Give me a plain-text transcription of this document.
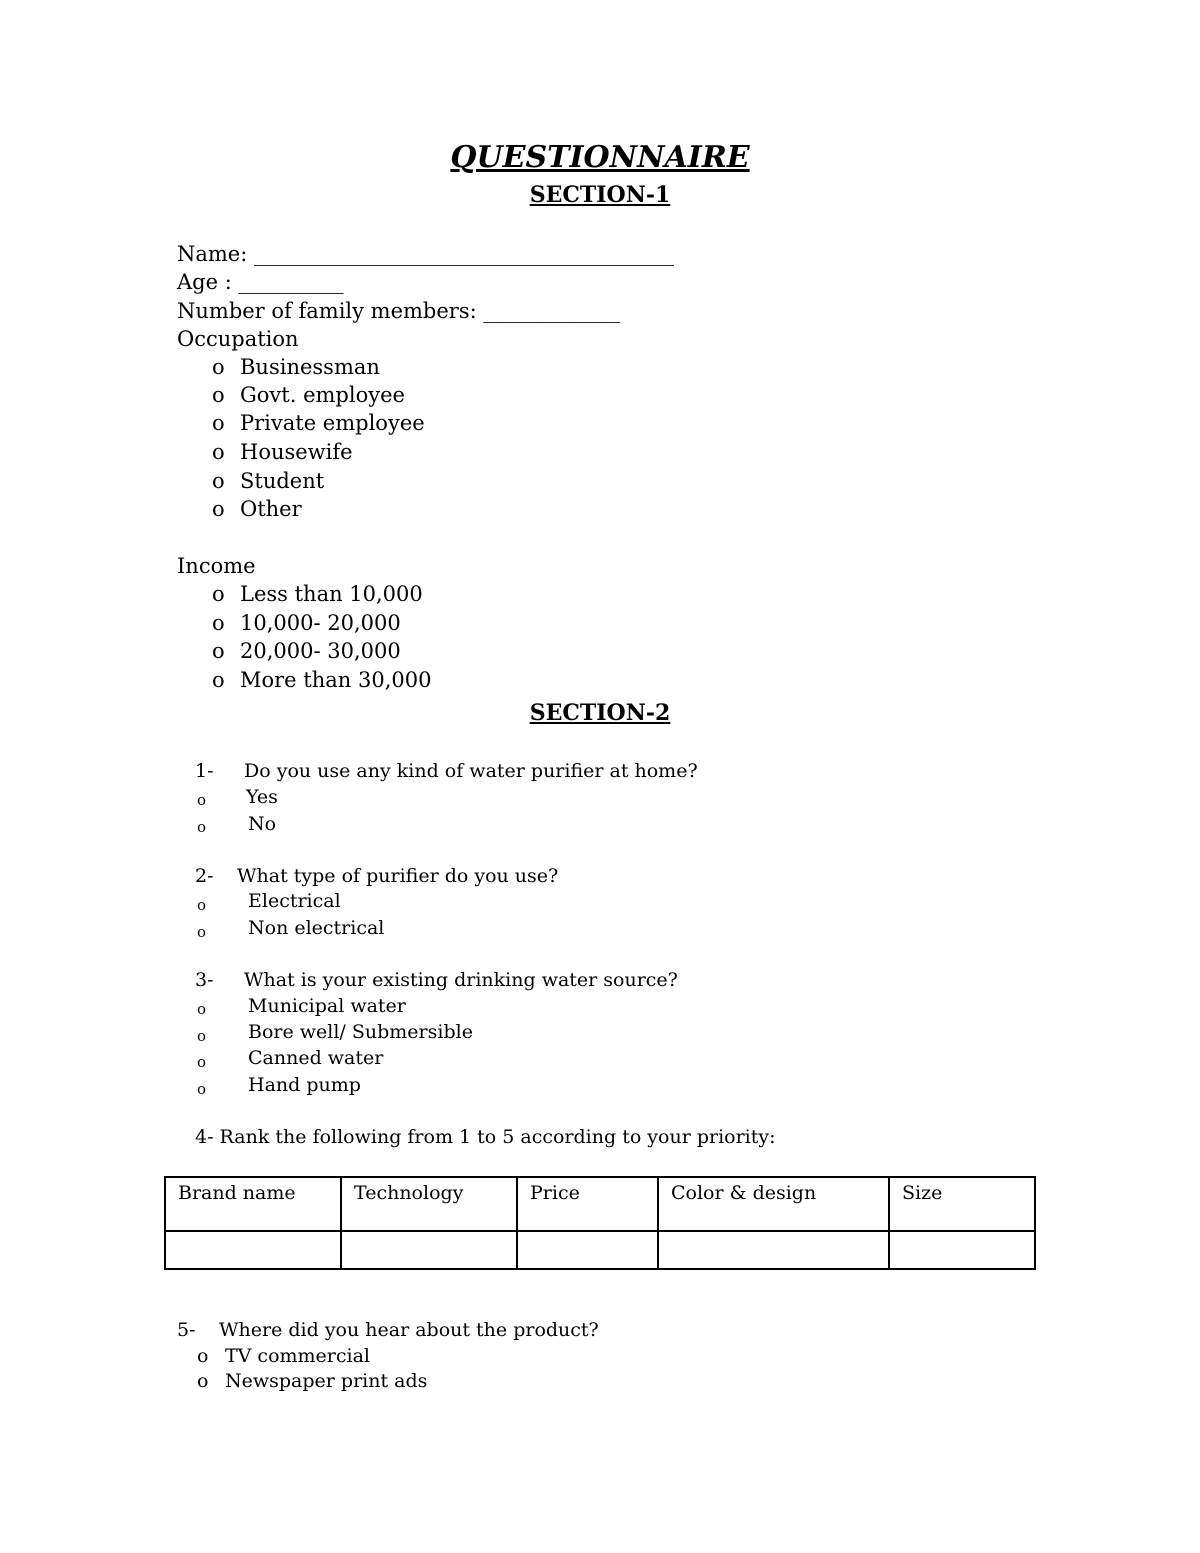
QUESTIONNAIRE
SECTION-1
Name: ________________________________________
Age : __________
Number of family members: _____________
Occupation
o Businessman
o Govt. employee
o Private employee
o Housewife
o Student
o Other
Income
o Less than 10,000
o 10,000- 20,000
o 20,000- 30,000
o More than 30,000
SECTION-2
1- Do you use any kind of water purifier at home?
o Yes
o No
2- What type of purifier do you use?
o Electrical
o Non electrical
3- What is your existing drinking water source?
o Municipal water
o Bore well/ Submersible
o Canned water
o Hand pump
4- Rank the following from 1 to 5 according to your priority:
Brand name	Technology	Price	Color & design	Size

5- Where did you hear about the product?
o TV commercial
o Newspaper print ads
